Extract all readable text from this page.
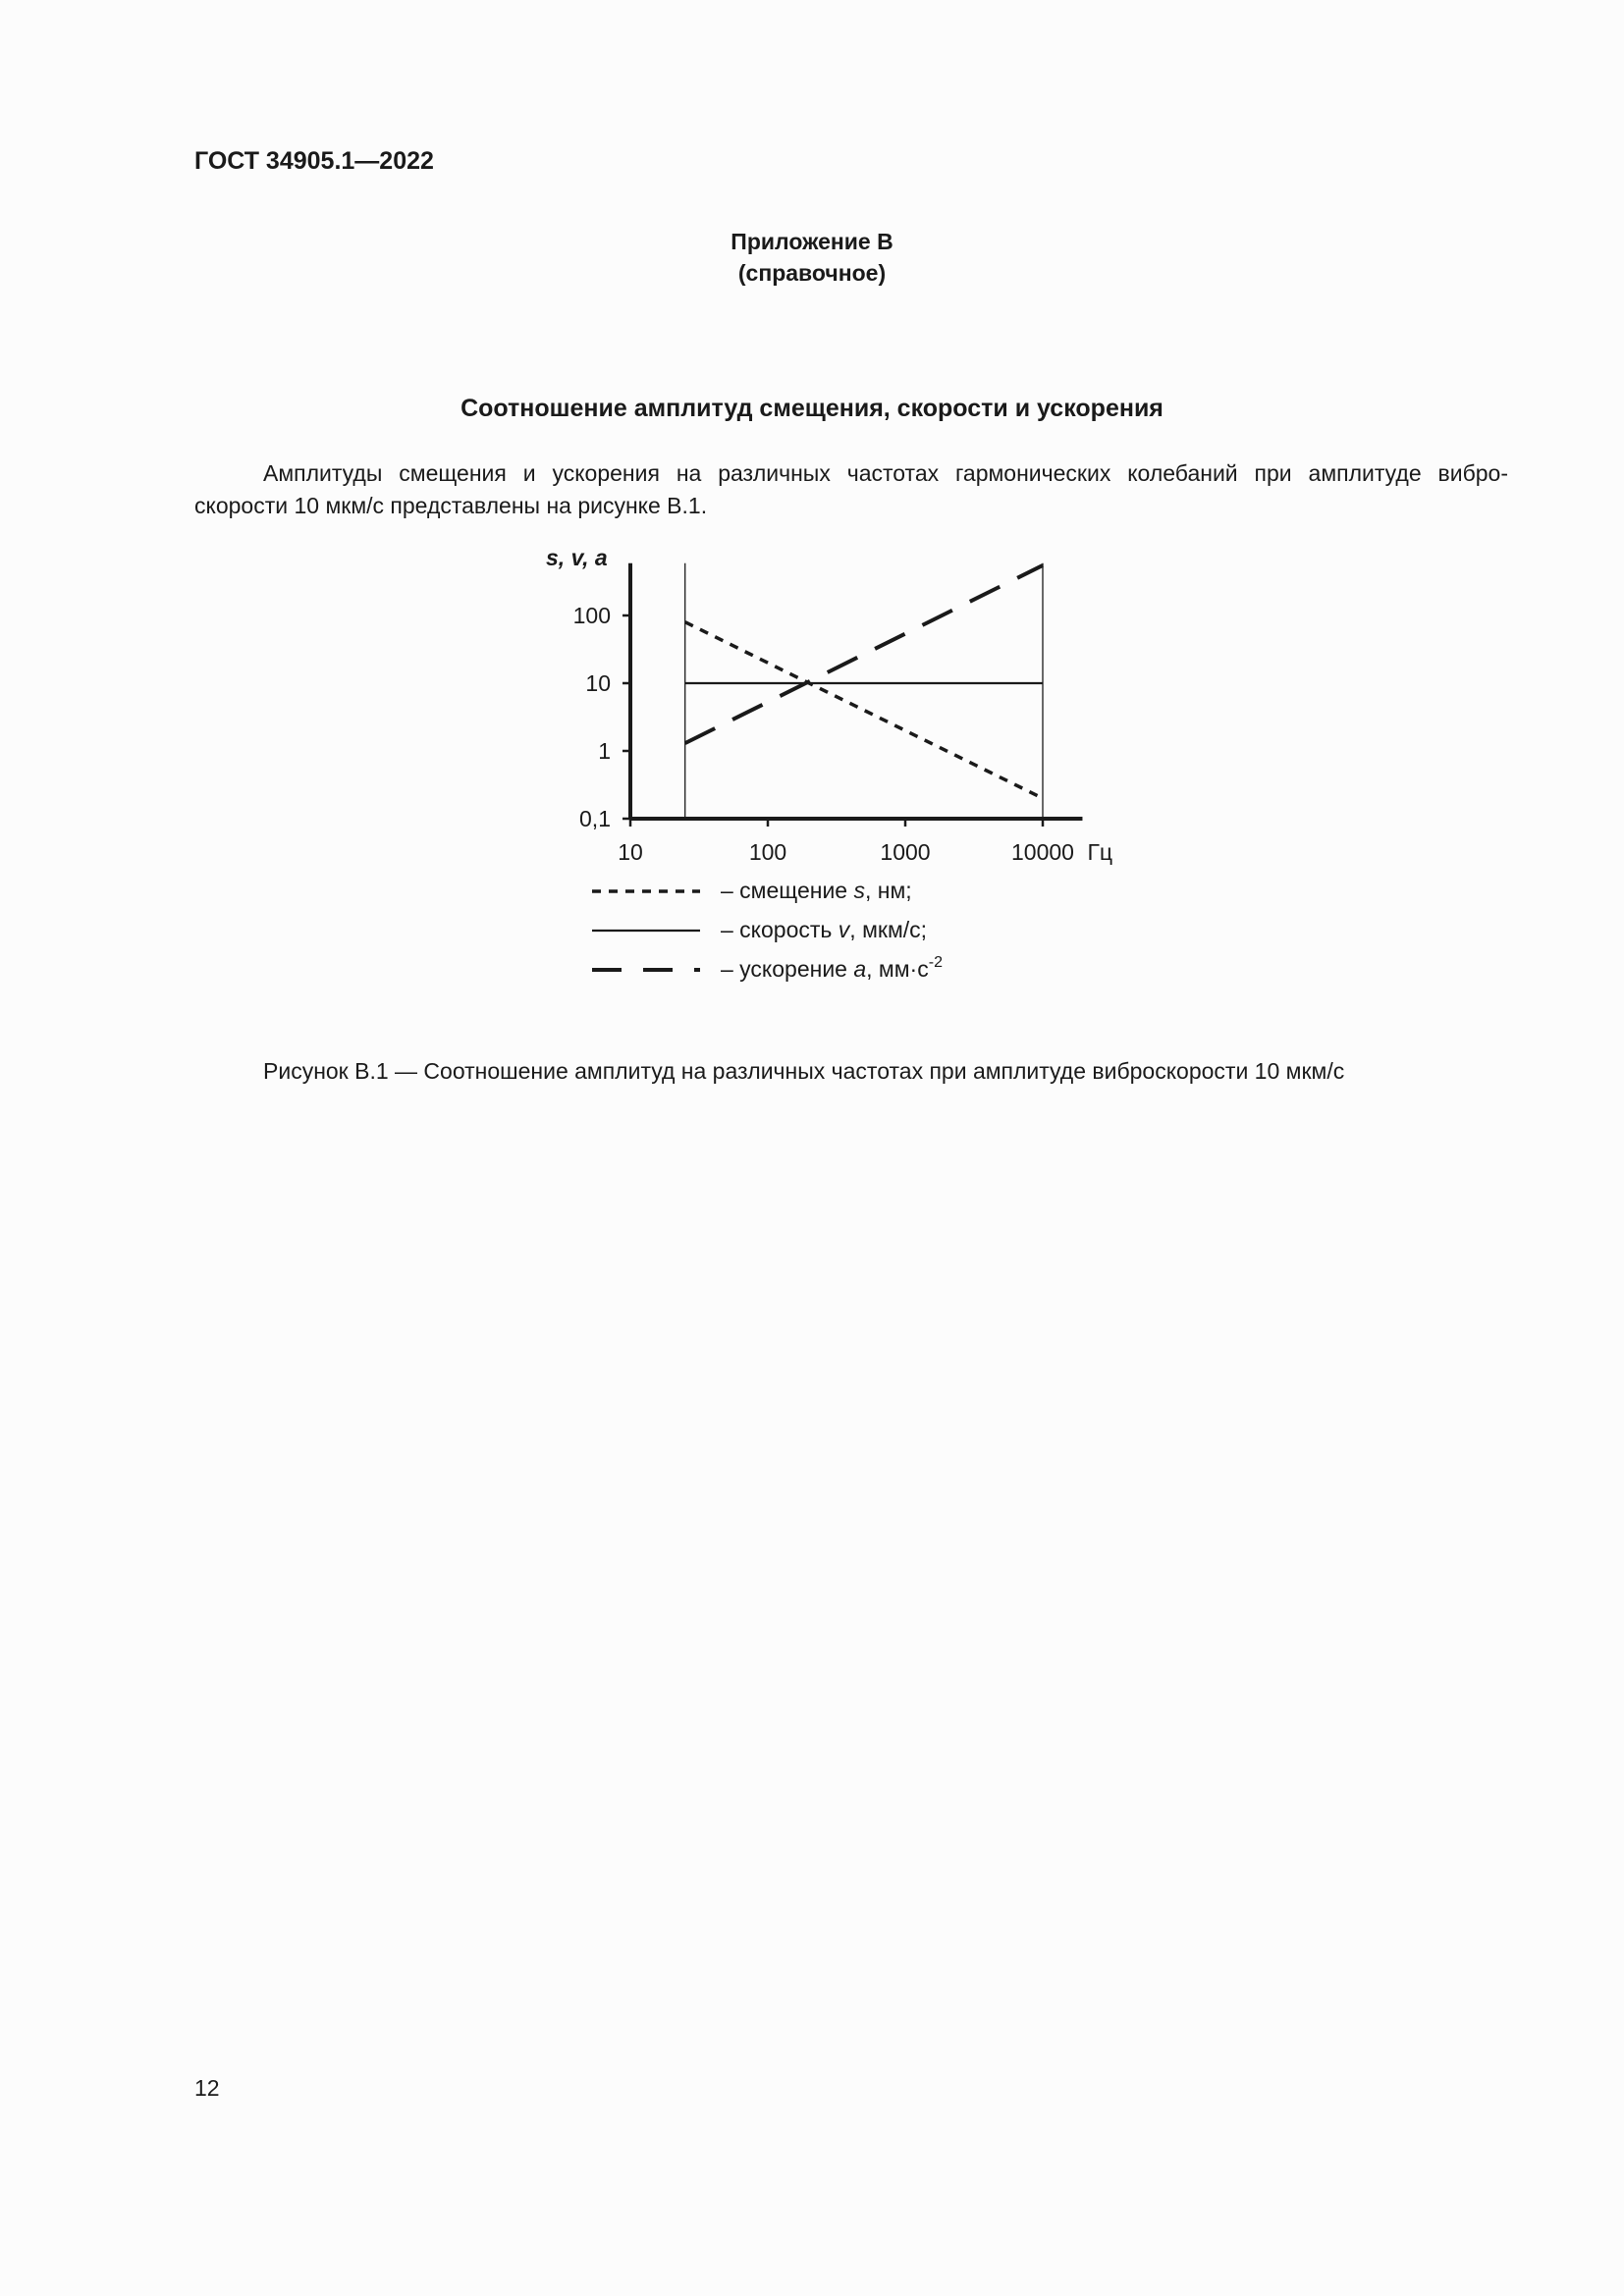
ГОСТ 34905.1—2022
Приложение В
(справочное)
Соотношение амплитуд смещения, скорости и ускорения
Амплитуды смещения и ускорения на различных частотах гармонических колебаний при амплитуде вибро-
скорости 10 мкм/с представлены на рисунке В.1.
10	100	1000	10000
0,1
1
10
100
s, v, a
Гц
– смещение s, нм;
– скорость v, мкм/с;
– ускорение a, $мм\cdot с^{-2}$
Рисунок В.1 — Соотношение амплитуд на различных частотах при амплитуде виброскорости 10 мкм/с
12
